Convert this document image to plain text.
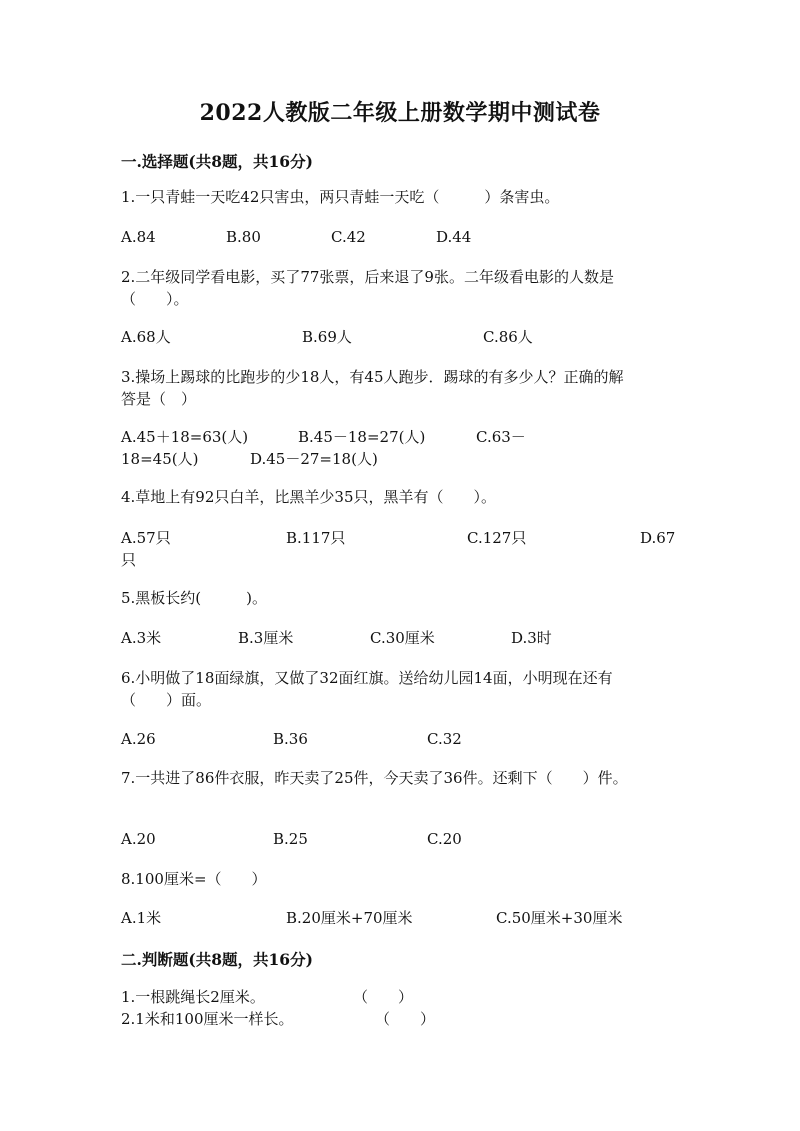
2022人教版二年级上册数学期中测试卷
一.选择题(共8题，共16分)
1.一只青蛙一天吃42只害虫，两只青蛙一天吃（　　　）条害虫。
A.84	B.80	C.42	D.44
2.二年级同学看电影，买了77张票，后来退了9张。二年级看电影的人数是
（　　）。
A.68人	B.69人	C.86人
3.操场上踢球的比跑步的少18人，有45人跑步．踢球的有多少人？正确的解
答是（　）
A.45＋18=63(人)	B.45－18=27(人)	C.63－
18=45(人)	D.45－27=18(人)
4.草地上有92只白羊，比黑羊少35只，黑羊有（　　）。
A.57只	B.117只	C.127只	D.67
只
5.黑板长约(　　　)。
A.3米	B.3厘米	C.30厘米	D.3时
6.小明做了18面绿旗，又做了32面红旗。送给幼儿园14面，小明现在还有
（　　）面。
A.26	B.36	C.32
7.一共进了86件衣服，昨天卖了25件，今天卖了36件。还剩下（　　）件。
A.20	B.25	C.20
8.100厘米=（　　）
A.1米	B.20厘米+70厘米	C.50厘米+30厘米
二.判断题(共8题，共16分)
1.一根跳绳长2厘米。	（　　）
2.1米和100厘米一样长。	（　　）
